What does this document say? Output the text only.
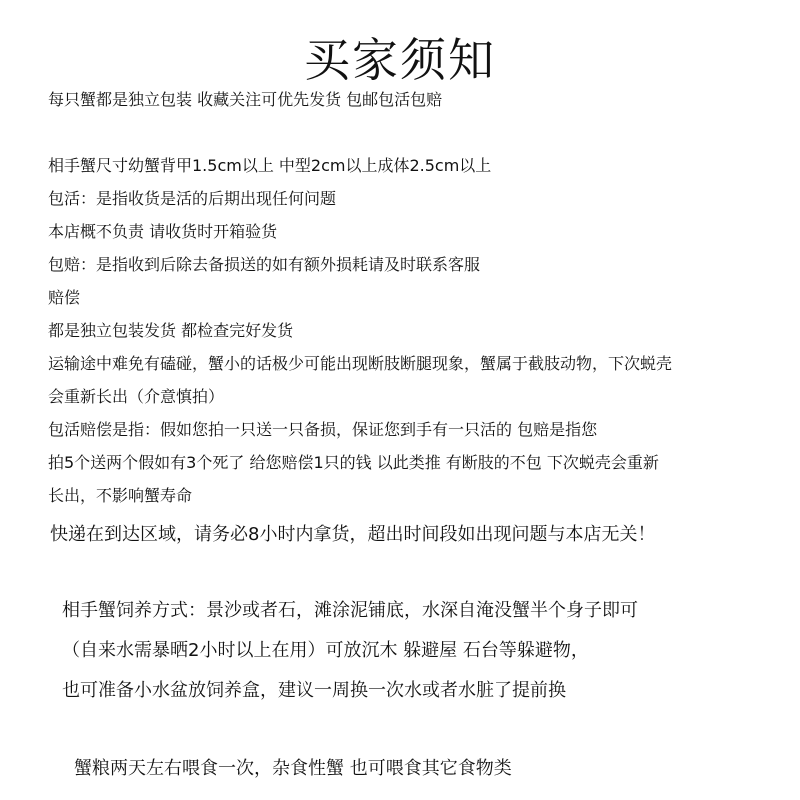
买家须知
每只蟹都是独立包装 收藏关注可优先发货 包邮包活包赔
相手蟹尺寸幼蟹背甲1.5cm以上 中型2cm以上成体2.5cm以上
包活：是指收货是活的后期出现任何问题
本店概不负责 请收货时开箱验货
包赔：是指收到后除去备损送的如有额外损耗请及时联系客服
赔偿
都是独立包装发货 都检查完好发货
运输途中难免有磕碰，蟹小的话极少可能出现断肢断腿现象，蟹属于截肢动物，下次蜕壳
会重新长出（介意慎拍）
包活赔偿是指：假如您拍一只送一只备损，保证您到手有一只活的 包赔是指您
拍5个送两个假如有3个死了 给您赔偿1只的钱 以此类推 有断肢的不包 下次蜕壳会重新
长出，不影响蟹寿命
快递在到达区域，请务必8小时内拿货，超出时间段如出现问题与本店无关！
相手蟹饲养方式：景沙或者石，滩涂泥铺底，水深自淹没蟹半个身子即可
（自来水需暴晒2小时以上在用）可放沉木 躲避屋 石台等躲避物，
也可准备小水盆放饲养盒，建议一周换一次水或者水脏了提前换
蟹粮两天左右喂食一次，杂食性蟹 也可喂食其它食物类
